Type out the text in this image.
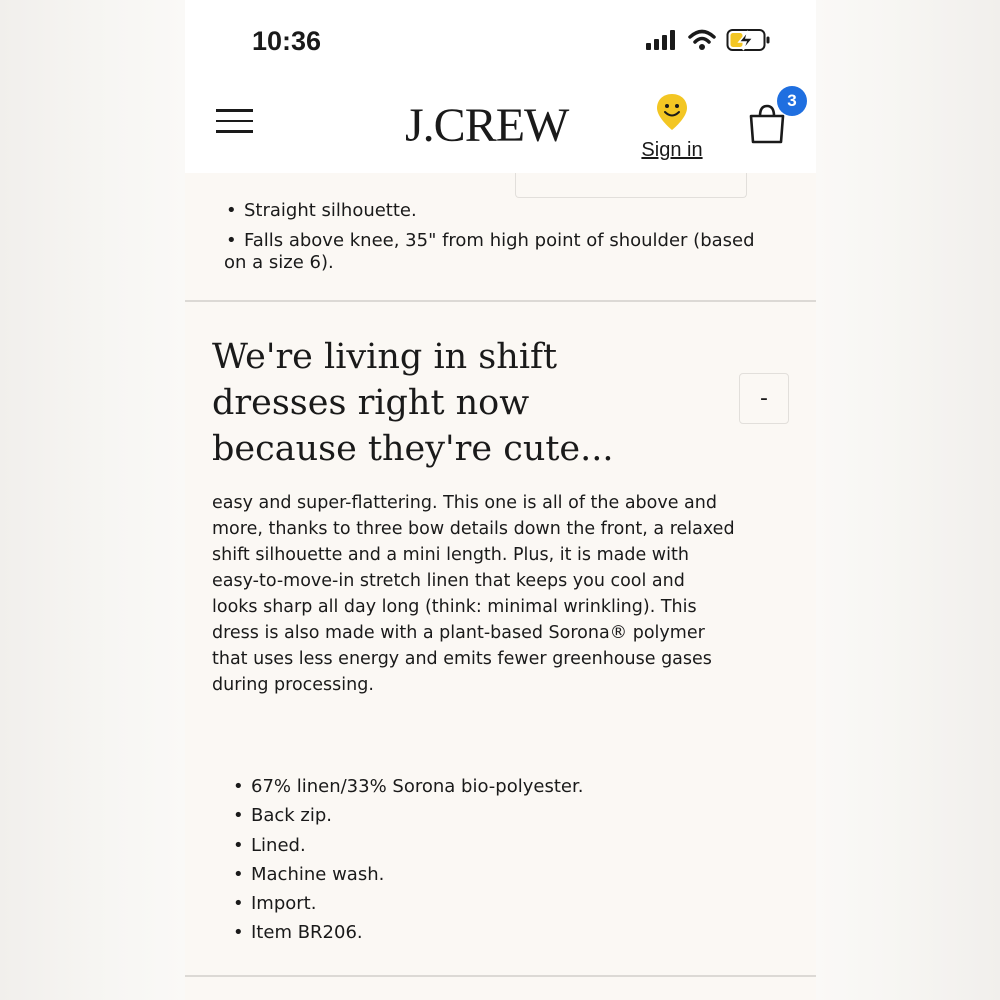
10:36
J.CREW	Sign in
3
• Straight silhouette.
• Falls above knee, 35" from high point of shoulder (based
on a size 6).
We're living in shift dresses right now because they're cute...
-
easy and super-flattering. This one is all of the above and
more, thanks to three bow details down the front, a relaxed
shift silhouette and a mini length. Plus, it is made with
easy-to-move-in stretch linen that keeps you cool and
looks sharp all day long (think: minimal wrinkling). This
dress is also made with a plant-based Sorona® polymer
that uses less energy and emits fewer greenhouse gases
during processing.
• 67% linen/33% Sorona bio-polyester.
• Back zip.
• Lined.
• Machine wash.
• Import.
• Item BR206.
